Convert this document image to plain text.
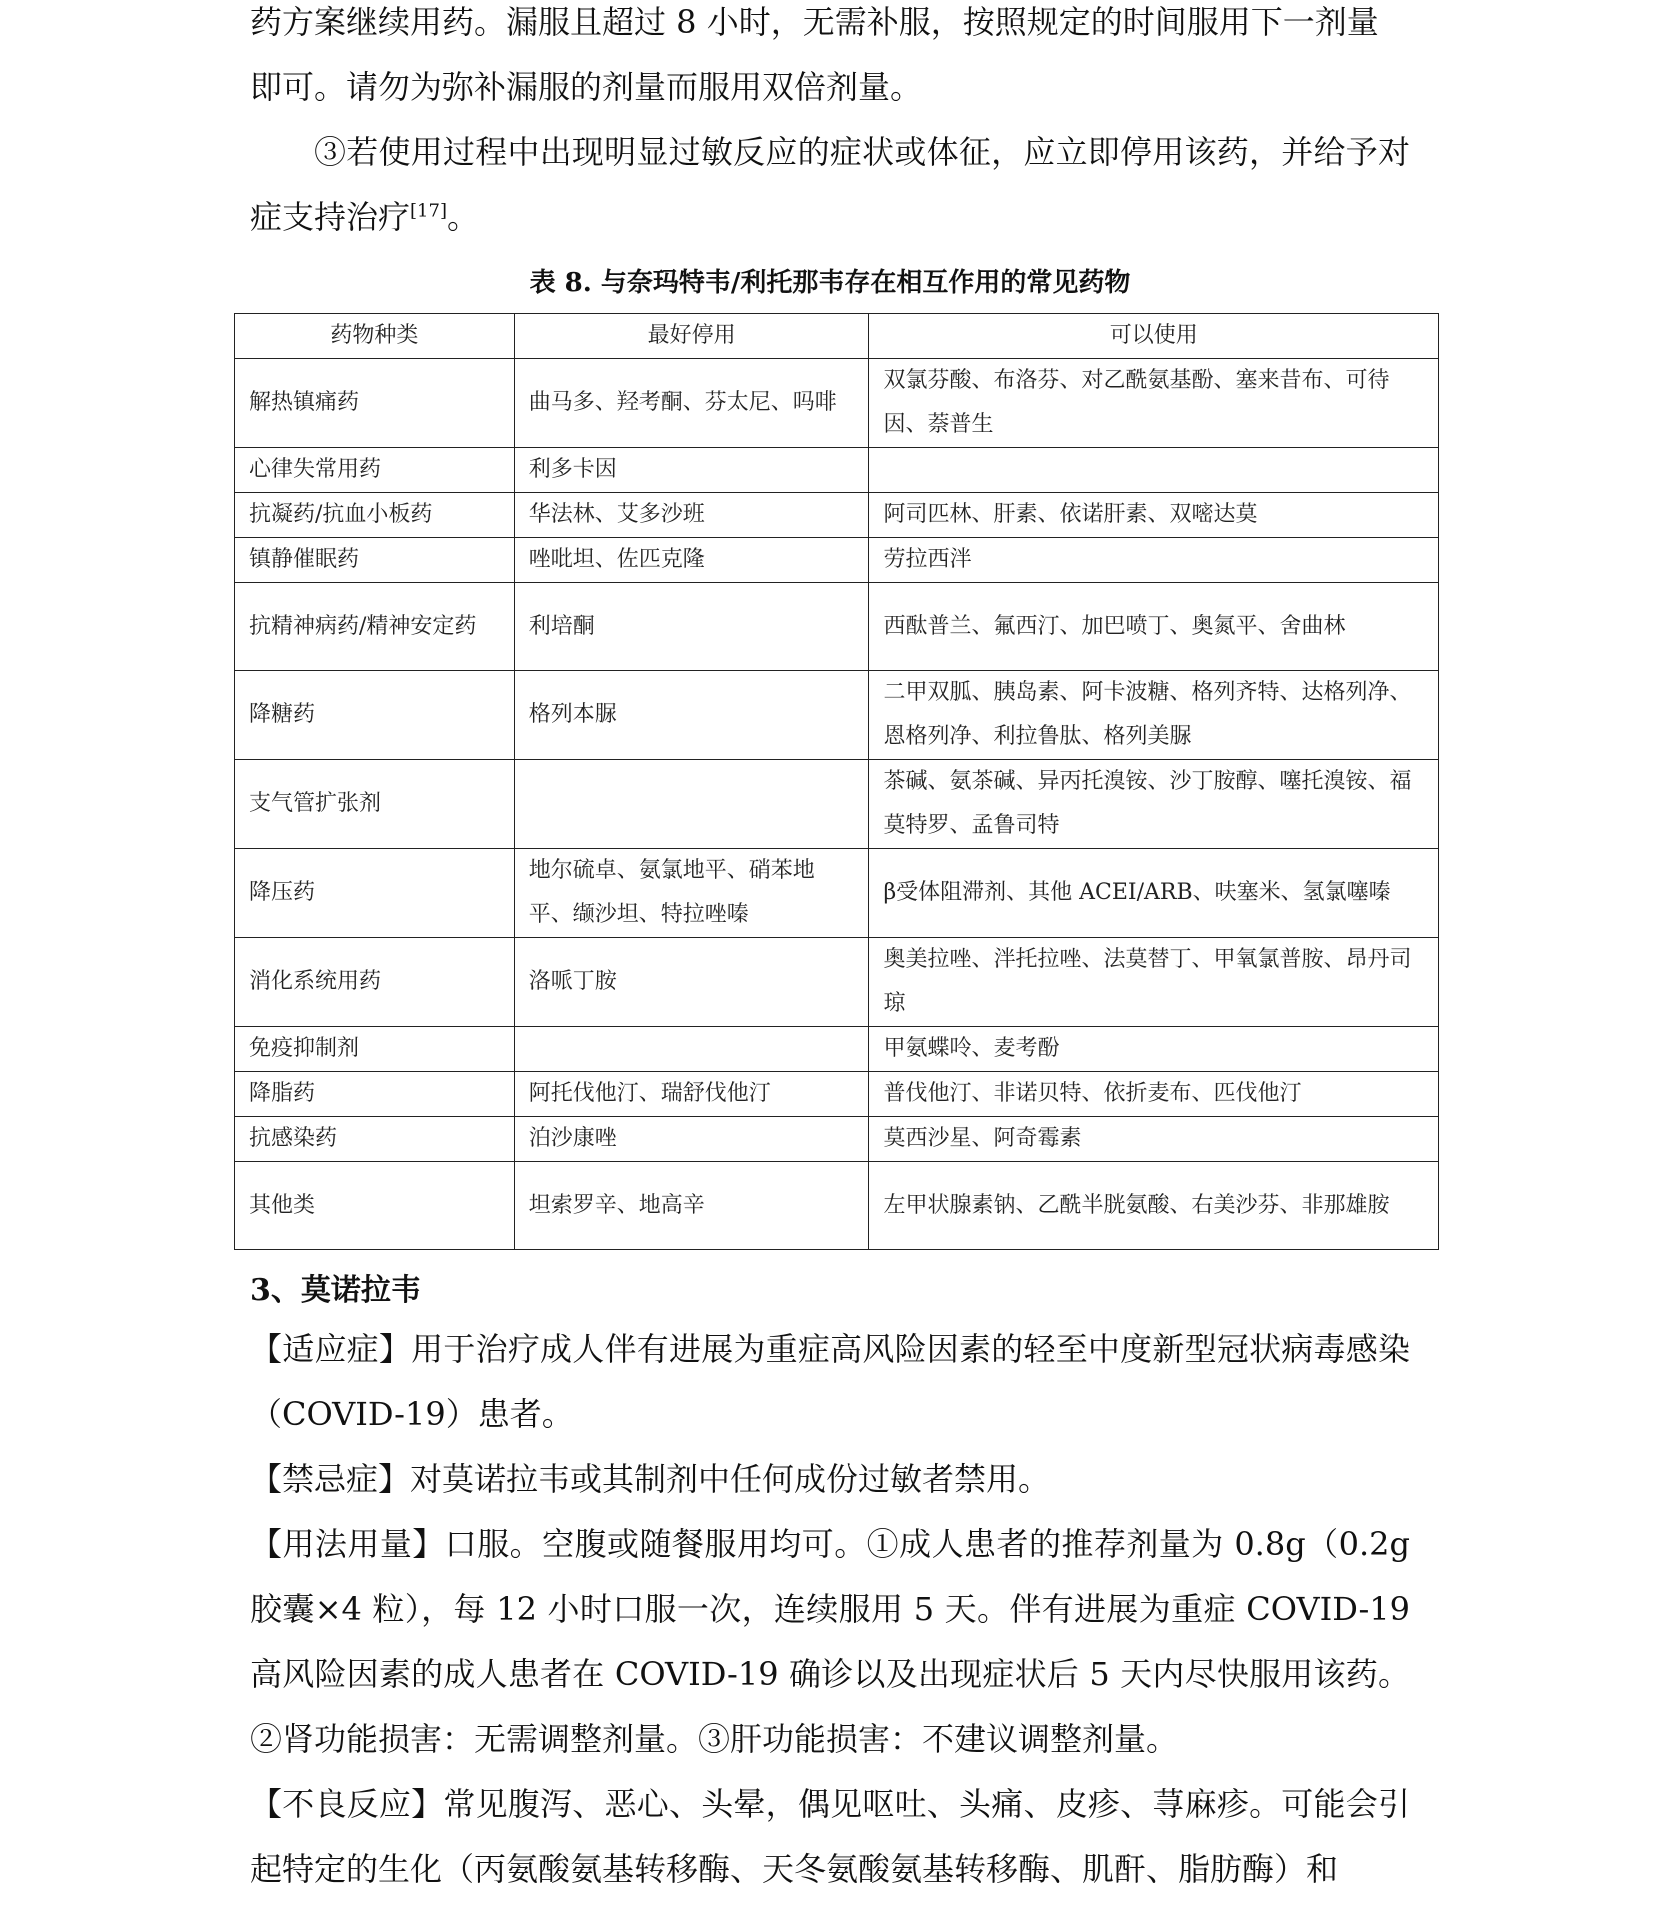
药方案继续用药。漏服且超过 8 小时，无需补服，按照规定的时间服用下一剂量
即可。请勿为弥补漏服的剂量而服用双倍剂量。

③若使用过程中出现明显过敏反应的症状或体征，应立即停用该药，并给予对症支持治疗[17]。

表 8. 与奈玛特韦/利托那韦存在相互作用的常见药物
药物种类	最好停用	可以使用
解热镇痛药	曲马多、羟考酮、芬太尼、吗啡	双氯芬酸、布洛芬、对乙酰氨基酚、塞来昔布、可待因、萘普生
心律失常用药	利多卡因	
抗凝药/抗血小板药	华法林、艾多沙班	阿司匹林、肝素、依诺肝素、双嘧达莫
镇静催眠药	唑吡坦、佐匹克隆	劳拉西泮
抗精神病药/精神安定药	利培酮	西酞普兰、氟西汀、加巴喷丁、奥氮平、舍曲林
降糖药	格列本脲	二甲双胍、胰岛素、阿卡波糖、格列齐特、达格列净、恩格列净、利拉鲁肽、格列美脲
支气管扩张剂		茶碱、氨茶碱、异丙托溴铵、沙丁胺醇、噻托溴铵、福莫特罗、孟鲁司特
降压药	地尔硫卓、氨氯地平、硝苯地平、缬沙坦、特拉唑嗪	β受体阻滞剂、其他 ACEI/ARB、呋塞米、氢氯噻嗪
消化系统用药	洛哌丁胺	奥美拉唑、泮托拉唑、法莫替丁、甲氧氯普胺、昂丹司琼
免疫抑制剂		甲氨蝶呤、麦考酚
降脂药	阿托伐他汀、瑞舒伐他汀	普伐他汀、非诺贝特、依折麦布、匹伐他汀
抗感染药	泊沙康唑	莫西沙星、阿奇霉素
其他类	坦索罗辛、地高辛	左甲状腺素钠、乙酰半胱氨酸、右美沙芬、非那雄胺

3、莫诺拉韦

【适应症】用于治疗成人伴有进展为重症高风险因素的轻至中度新型冠状病毒感染（COVID-19）患者。

【禁忌症】对莫诺拉韦或其制剂中任何成份过敏者禁用。

【用法用量】口服。空腹或随餐服用均可。①成人患者的推荐剂量为 0.8g（0.2g 胶囊×4 粒），每 12 小时口服一次，连续服用 5 天。伴有进展为重症 COVID-19 高风险因素的成人患者在 COVID-19 确诊以及出现症状后 5 天内尽快服用该药。②肾功能损害：无需调整剂量。③肝功能损害：不建议调整剂量。

【不良反应】常见腹泻、恶心、头晕，偶见呕吐、头痛、皮疹、荨麻疹。可能会引起特定的生化（丙氨酸氨基转移酶、天冬氨酸氨基转移酶、肌酐、脂肪酶）和
